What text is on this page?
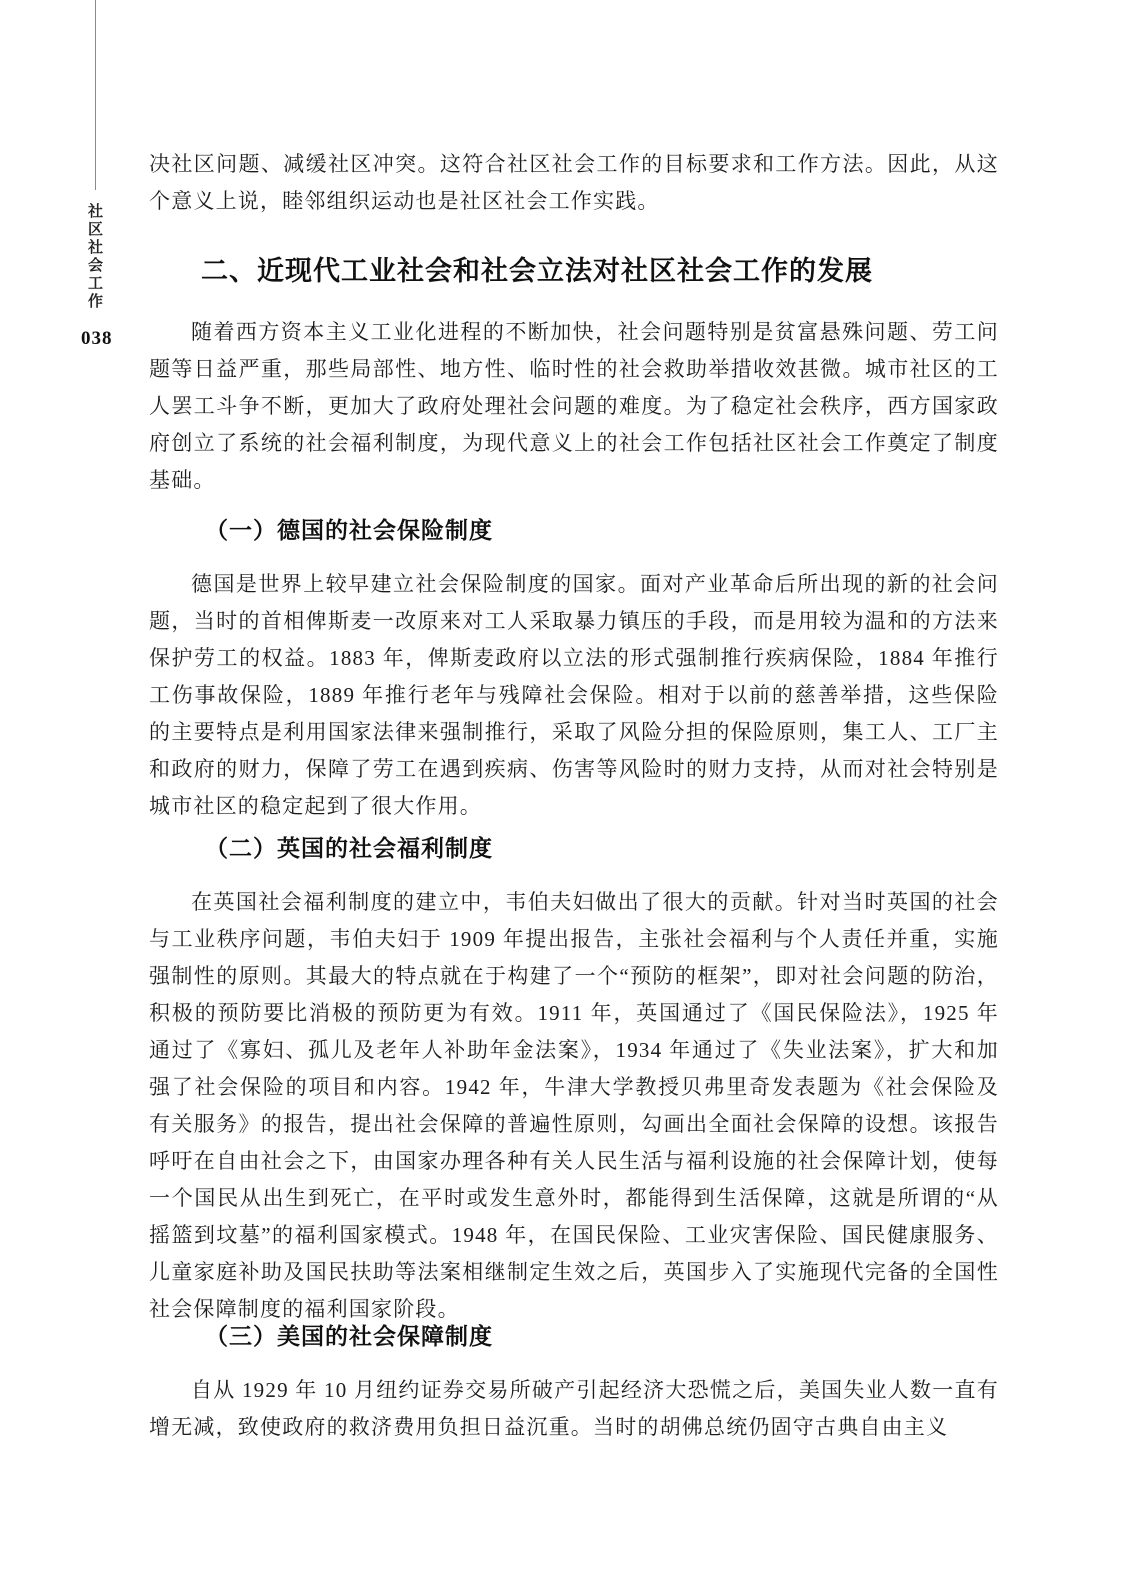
社区社会工作
038

决社区问题、减缓社区冲突。这符合社区社会工作的目标要求和工作方法。因此，从这个意义上说，睦邻组织运动也是社区社会工作实践。

二、近现代工业社会和社会立法对社区社会工作的发展

随着西方资本主义工业化进程的不断加快，社会问题特别是贫富悬殊问题、劳工问题等日益严重，那些局部性、地方性、临时性的社会救助举措收效甚微。城市社区的工人罢工斗争不断，更加大了政府处理社会问题的难度。为了稳定社会秩序，西方国家政府创立了系统的社会福利制度，为现代意义上的社会工作包括社区社会工作奠定了制度基础。

（一）德国的社会保险制度

德国是世界上较早建立社会保险制度的国家。面对产业革命后所出现的新的社会问题，当时的首相俾斯麦一改原来对工人采取暴力镇压的手段，而是用较为温和的方法来保护劳工的权益。1883 年，俾斯麦政府以立法的形式强制推行疾病保险，1884 年推行工伤事故保险，1889 年推行老年与残障社会保险。相对于以前的慈善举措，这些保险的主要特点是利用国家法律来强制推行，采取了风险分担的保险原则，集工人、工厂主和政府的财力，保障了劳工在遇到疾病、伤害等风险时的财力支持，从而对社会特别是城市社区的稳定起到了很大作用。

（二）英国的社会福利制度

在英国社会福利制度的建立中，韦伯夫妇做出了很大的贡献。针对当时英国的社会与工业秩序问题，韦伯夫妇于 1909 年提出报告，主张社会福利与个人责任并重，实施强制性的原则。其最大的特点就在于构建了一个“预防的框架”，即对社会问题的防治，积极的预防要比消极的预防更为有效。1911 年，英国通过了《国民保险法》，1925 年通过了《寡妇、孤儿及老年人补助年金法案》，1934 年通过了《失业法案》，扩大和加强了社会保险的项目和内容。1942 年，牛津大学教授贝弗里奇发表题为《社会保险及有关服务》的报告，提出社会保障的普遍性原则，勾画出全面社会保障的设想。该报告呼吁在自由社会之下，由国家办理各种有关人民生活与福利设施的社会保障计划，使每一个国民从出生到死亡，在平时或发生意外时，都能得到生活保障，这就是所谓的“从摇篮到坟墓”的福利国家模式。1948 年，在国民保险、工业灾害保险、国民健康服务、儿童家庭补助及国民扶助等法案相继制定生效之后，英国步入了实施现代完备的全国性社会保障制度的福利国家阶段。

（三）美国的社会保障制度

自从 1929 年 10 月纽约证券交易所破产引起经济大恐慌之后，美国失业人数一直有增无减，致使政府的救济费用负担日益沉重。当时的胡佛总统仍固守古典自由主义
